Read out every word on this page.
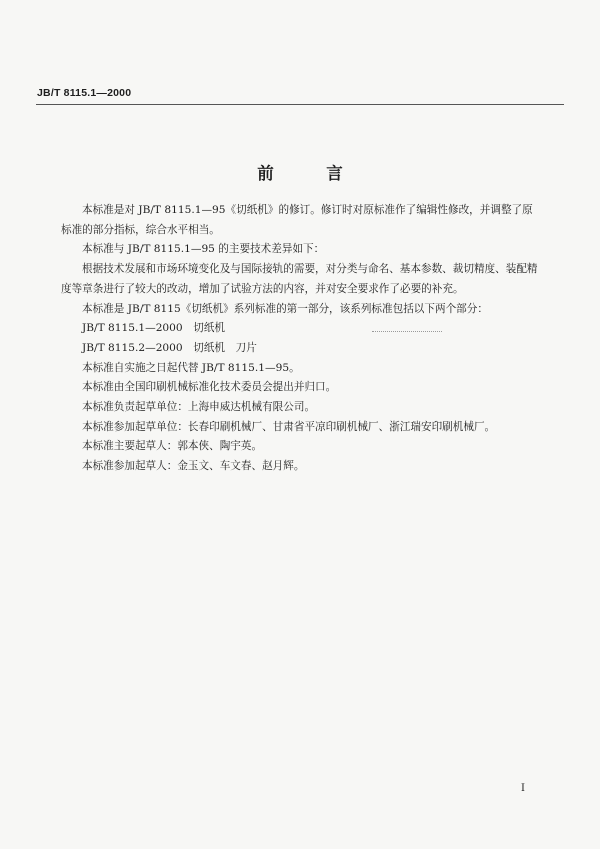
JB/T 8115.1—2000
前　言

本标准是对 JB/T 8115.1—95《切纸机》的修订。修订时对原标准作了编辑性修改，并调整了原标准的部分指标，综合水平相当。

本标准与 JB/T 8115.1—95 的主要技术差异如下：

根据技术发展和市场环境变化及与国际接轨的需要，对分类与命名、基本参数、裁切精度、装配精度等章条进行了较大的改动，增加了试验方法的内容，并对安全要求作了必要的补充。

本标准是 JB/T 8115《切纸机》系列标准的第一部分，该系列标准包括以下两个部分：

JB/T 8115.1—2000　切纸机

JB/T 8115.2—2000　切纸机　刀片

本标准自实施之日起代替 JB/T 8115.1—95。

本标准由全国印刷机械标准化技术委员会提出并归口。

本标准负责起草单位：上海申威达机械有限公司。

本标准参加起草单位：长春印刷机械厂、甘肃省平凉印刷机械厂、浙江瑞安印刷机械厂。

本标准主要起草人：郭本俠、陶宇英。

本标准参加起草人：金玉文、车文春、赵月辉。

I
